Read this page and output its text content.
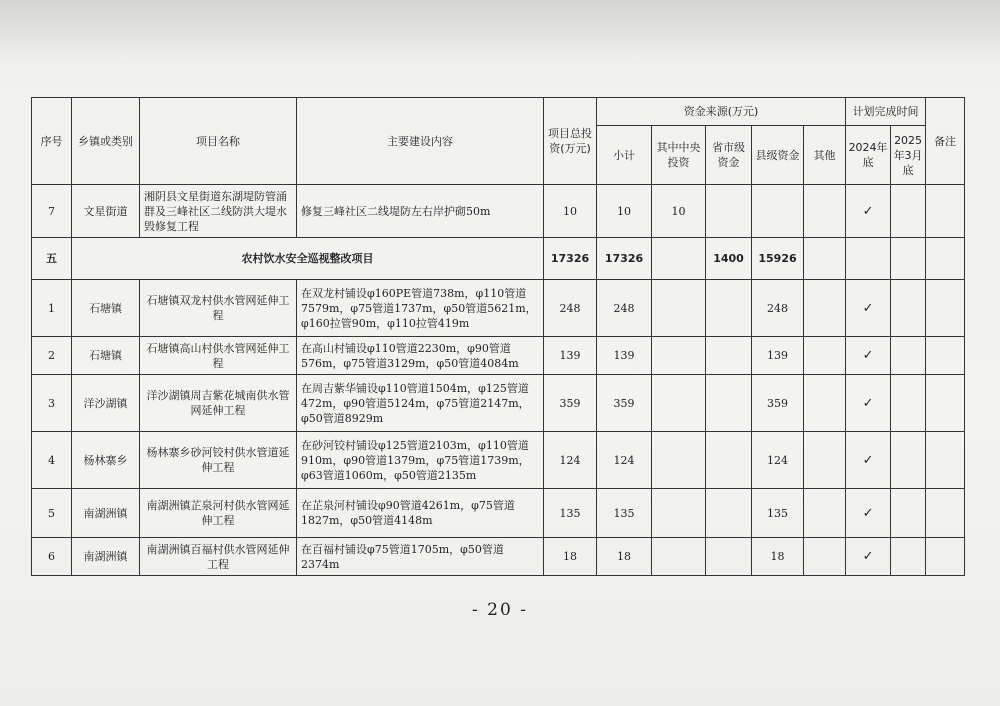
序号	乡镇或类别	项目名称	主要建设内容	项目总投资(万元)	资金来源(万元)					计划完成时间		备注
					小计	其中中央投资	省市级资金	县级资金	其他	2024年底	2025年3月底	
7	文星街道	湘阴县文星街道东湖堤防管涌群及三峰社区二线防洪大堤水毁修复工程	修复三峰社区二线堤防左右岸护砌50m	10	10	10				✓		
五	农村饮水安全巡视整改项目			17326	17326		1400	15926				
1	石塘镇	石塘镇双龙村供水管网延伸工程	在双龙村铺设φ160PE管道738m，φ110管道7579m，φ75管道1737m，φ50管道5621m，φ160拉管90m，φ110拉管419m	248	248			248		✓		
2	石塘镇	石塘镇高山村供水管网延伸工程	在高山村铺设φ110管道2230m，φ90管道576m，φ75管道3129m，φ50管道4084m	139	139			139		✓		
3	洋沙湖镇	洋沙湖镇周吉紫花城南供水管网延伸工程	在周吉紫华铺设φ110管道1504m，φ125管道472m，φ90管道5124m，φ75管道2147m，φ50管道8929m	359	359			359		✓		
4	杨林寨乡	杨林寨乡砂河铰村供水管道延伸工程	在砂河铰村铺设φ125管道2103m，φ110管道910m，φ90管道1379m，φ75管道1739m，φ63管道1060m，φ50管道2135m	124	124			124		✓		
5	南湖洲镇	南湖洲镇芷泉河村供水管网延伸工程	在芷泉河村铺设φ90管道4261m，φ75管道1827m，φ50管道4148m	135	135			135		✓		
6	南湖洲镇	南湖洲镇百福村供水管网延伸工程	在百福村铺设φ75管道1705m，φ50管道2374m	18	18			18		✓		
- 20 -
